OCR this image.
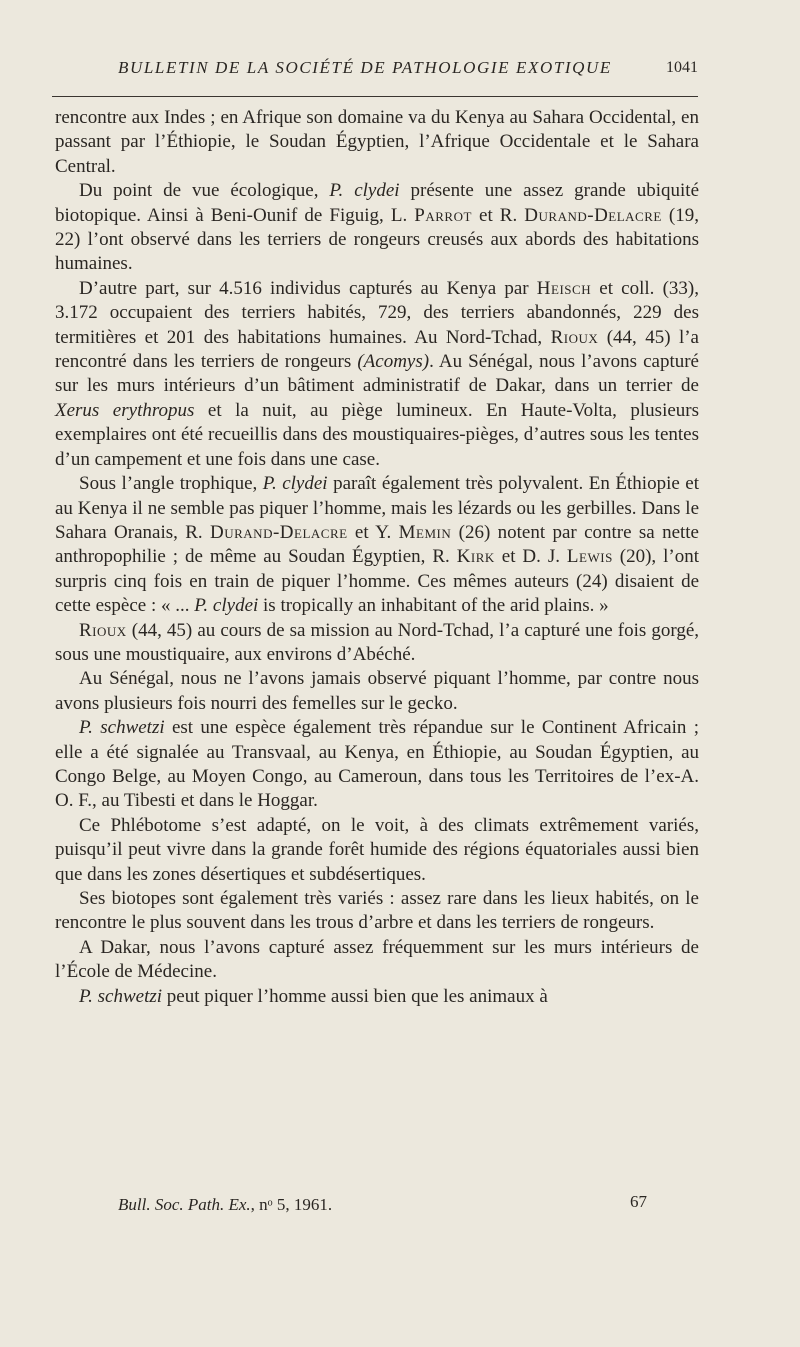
BULLETIN DE LA SOCIÉTÉ DE PATHOLOGIE EXOTIQUE	1041

rencontre aux Indes ; en Afrique son domaine va du Kenya au Sahara Occidental, en passant par l’Éthiopie, le Soudan Égyptien, l’Afrique Occidentale et le Sahara Central.

Du point de vue écologique, P. clydei présente une assez grande ubiquité biotopique. Ainsi à Beni-Ounif de Figuig, L. Parrot et R. Durand-Delacre (19, 22) l’ont observé dans les terriers de rongeurs creusés aux abords des habitations humaines.

D’autre part, sur 4.516 individus capturés au Kenya par Heisch et coll. (33), 3.172 occupaient des terriers habités, 729, des terriers abandonnés, 229 des termitières et 201 des habitations humaines. Au Nord-Tchad, Rioux (44, 45) l’a rencontré dans les terriers de rongeurs (Acomys). Au Sénégal, nous l’avons capturé sur les murs intérieurs d’un bâtiment administratif de Dakar, dans un terrier de Xerus erythropus et la nuit, au piège lumineux. En Haute-Volta, plusieurs exemplaires ont été recueillis dans des moustiquaires-pièges, d’autres sous les tentes d’un campement et une fois dans une case.

Sous l’angle trophique, P. clydei paraît également très polyvalent. En Éthiopie et au Kenya il ne semble pas piquer l’homme, mais les lézards ou les gerbilles. Dans le Sahara Oranais, R. Durand-Delacre et Y. Memin (26) notent par contre sa nette anthropophilie ; de même au Soudan Égyptien, R. Kirk et D. J. Lewis (20), l’ont surpris cinq fois en train de piquer l’homme. Ces mêmes auteurs (24) disaient de cette espèce : « ... P. clydei is tropically an inhabitant of the arid plains. »

Rioux (44, 45) au cours de sa mission au Nord-Tchad, l’a capturé une fois gorgé, sous une moustiquaire, aux environs d’Abéché.

Au Sénégal, nous ne l’avons jamais observé piquant l’homme, par contre nous avons plusieurs fois nourri des femelles sur le gecko.

P. schwetzi est une espèce également très répandue sur le Continent Africain ; elle a été signalée au Transvaal, au Kenya, en Éthiopie, au Soudan Égyptien, au Congo Belge, au Moyen Congo, au Cameroun, dans tous les Territoires de l’ex-A. O. F., au Tibesti et dans le Hoggar.

Ce Phlébotome s’est adapté, on le voit, à des climats extrêmement variés, puisqu’il peut vivre dans la grande forêt humide des régions équatoriales aussi bien que dans les zones désertiques et subdésertiques.

Ses biotopes sont également très variés : assez rare dans les lieux habités, on le rencontre le plus souvent dans les trous d’arbre et dans les terriers de rongeurs.

A Dakar, nous l’avons capturé assez fréquemment sur les murs intérieurs de l’École de Médecine.

P. schwetzi peut piquer l’homme aussi bien que les animaux à

Bull. Soc. Path. Ex., nᵒ 5, 1961.	67
